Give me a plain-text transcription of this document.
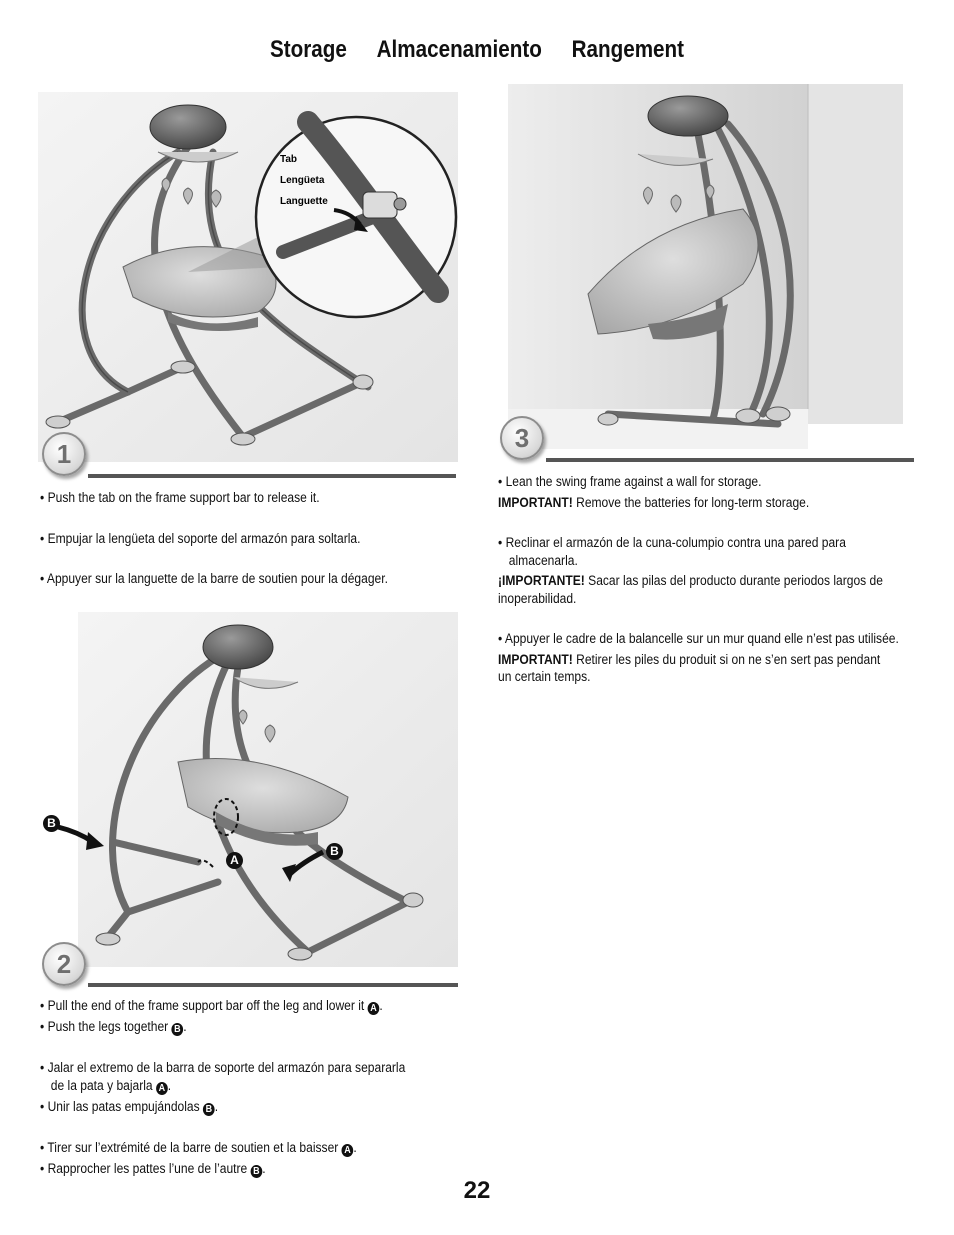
Storage Almacenamiento Rangement
Tab
Lengüeta
Languette
1

• Push the tab on the frame support bar to release it.

• Empujar la lengüeta del soporte del armazón para soltarla.

• Appuyer sur la languette de la barre de soutien pour la dégager.

B
A
B
2

• Pull the end of the frame support bar off the leg and lower it A .

• Push the legs together B .

• Jalar el extremo de la barra de soporte del armazón para separarla de la pata y bajarla A .

• Unir las patas empujándolas B .

• Tirer sur l’extrémité de la barre de soutien et la baisser A .

• Rapprocher les pattes l’une de l’autre B .

3

• Lean the swing frame against a wall for storage.

IMPORTANT! Remove the batteries for long-term storage.

• Reclinar el armazón de la cuna-columpio contra una pared para almacenarla.

¡IMPORTANTE! Sacar las pilas del producto durante periodos largos de inoperabilidad.

• Appuyer le cadre de la balancelle sur un mur quand elle n’est pas utilisée.

IMPORTANT! Retirer les piles du produit si on ne s’en sert pas pendant un certain temps.

22
